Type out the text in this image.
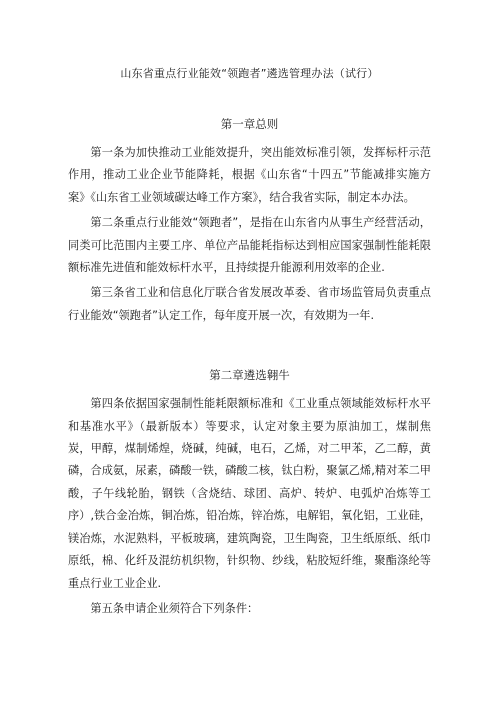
山东省重点行业能效“领跑者”遴选管理办法（试行）
第一章总则

第一条为加快推动工业能效提升，突出能效标准引领，发挥标杆示范作用，推动工业企业节能降耗，根据《山东省“十四五”节能减排实施方案》《山东省工业领域碳达峰工作方案》，结合我省实际，制定本办法。

第二条重点行业能效“领跑者”，是指在山东省内从事生产经营活动，同类可比范围内主要工序、单位产品能耗指标达到相应国家强制性能耗限额标准先进值和能效标杆水平，且持续提升能源利用效率的企业.

第三条省工业和信息化厅联合省发展改革委、省市场监管局负责重点行业能效“领跑者”认定工作，每年度开展一次，有效期为一年.

第二章遴选翱牛

第四条依据国家强制性能耗限额标准和《工业重点领域能效标杆水平和基准水平》（最新版本）等要求，认定对象主要为原油加工，煤制焦炭，甲醇，煤制烯煌，烧碱，纯碱，电石，乙烯，对二甲苯，乙二醇，黄磷，合成氨，尿素，磷酸一铁，磷酸二核，钛白粉，聚氯乙烯,精对苯二甲酸，子午线轮胎，钢铁（含烧结、球团、高炉、转炉、电弧炉冶炼等工序）,铁合金冶炼，铜冶炼，铅冶炼，锌冶炼，电解铝，氧化铝，工业硅，镁冶炼，水泥熟料，平板玻璃，建筑陶瓷，卫生陶瓷，卫生纸原纸、纸巾原纸，棉、化纤及混纺机织物，针织物、纱线，粘胶短纤维，聚酯涤纶等重点行业工业企业.

第五条申请企业须符合下列条件：
